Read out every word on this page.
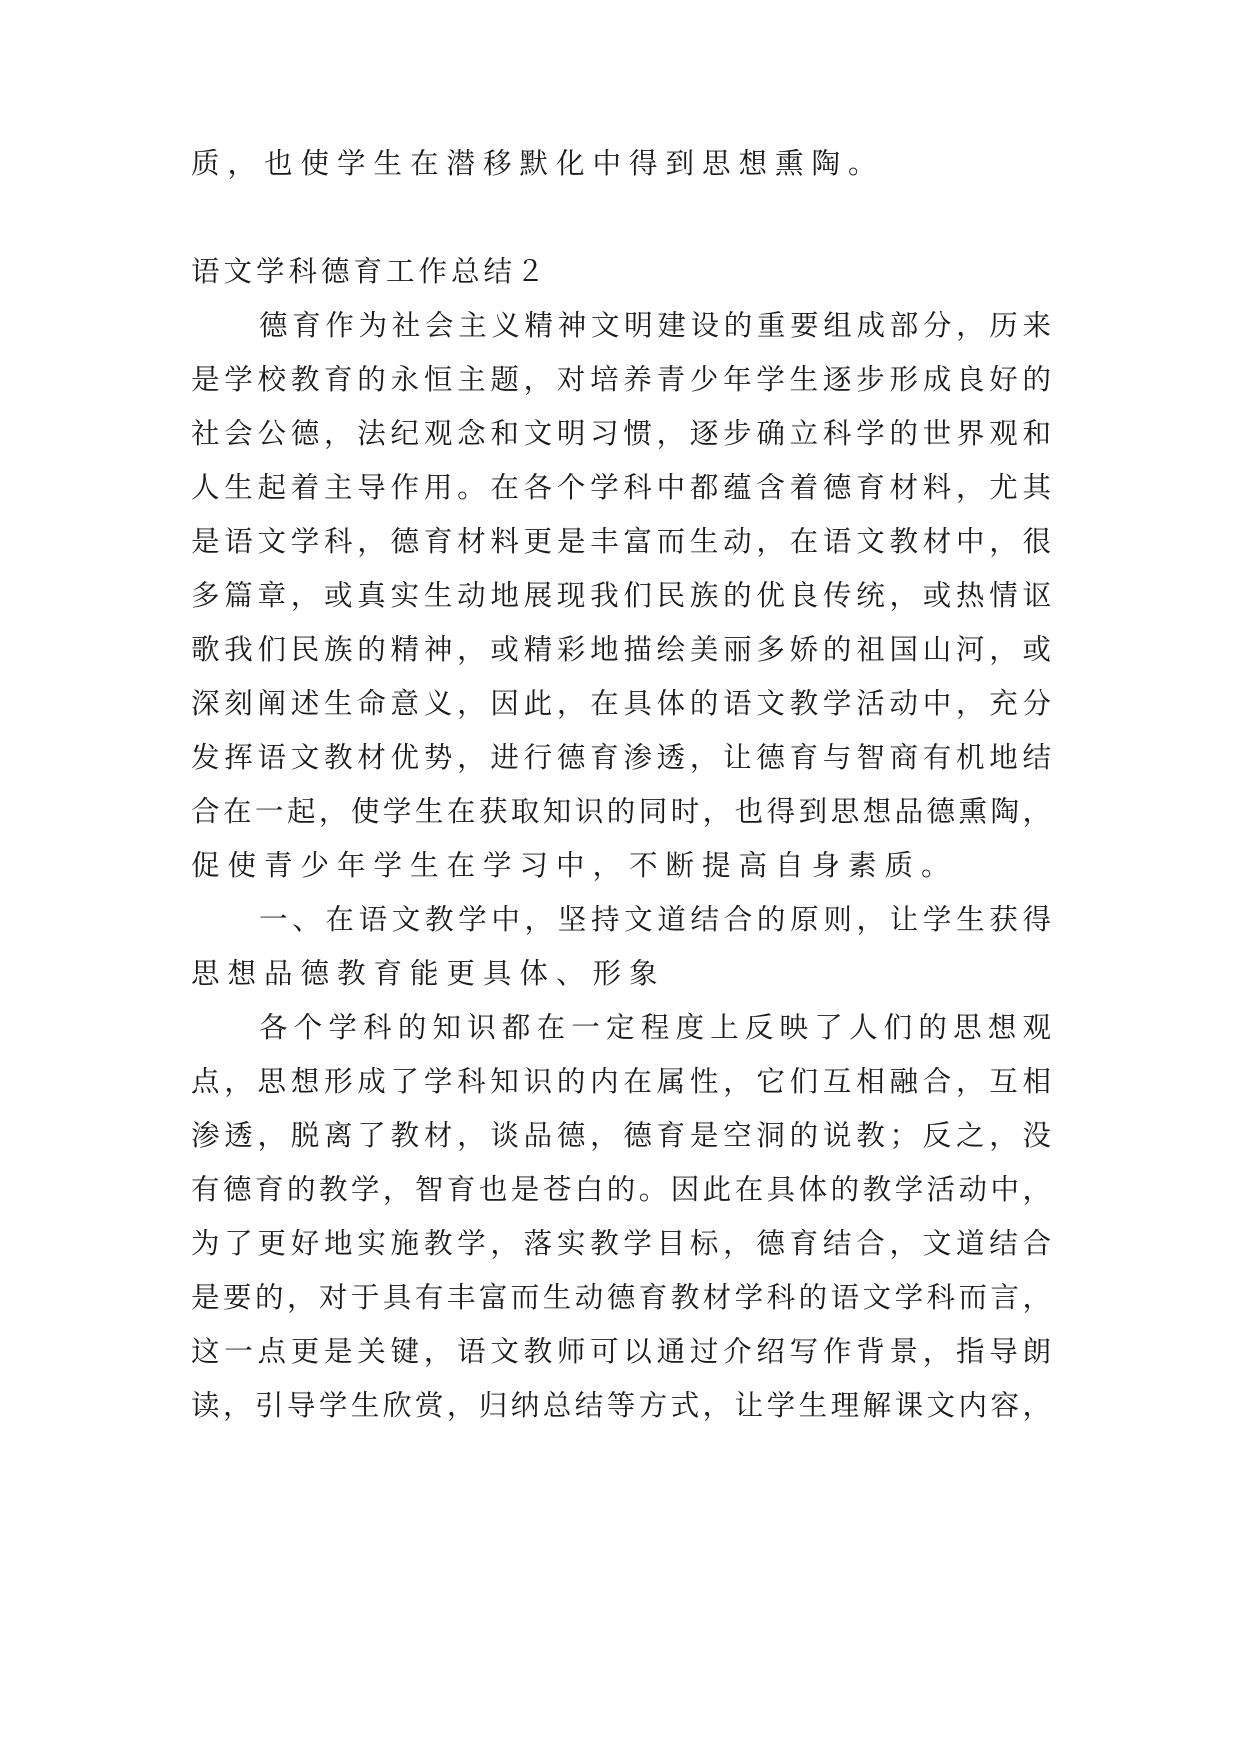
质，也使学生在潜移默化中得到思想熏陶。
语文学科德育工作总结２
德育作为社会主义精神文明建设的重要组成部分，历来
是学校教育的永恒主题，对培养青少年学生逐步形成良好的
社会公德，法纪观念和文明习惯，逐步确立科学的世界观和
人生起着主导作用。在各个学科中都蕴含着德育材料，尤其
是语文学科，德育材料更是丰富而生动，在语文教材中，很
多篇章，或真实生动地展现我们民族的优良传统，或热情讴
歌我们民族的精神，或精彩地描绘美丽多娇的祖国山河，或
深刻阐述生命意义，因此，在具体的语文教学活动中，充分
发挥语文教材优势，进行德育渗透，让德育与智商有机地结
合在一起，使学生在获取知识的同时，也得到思想品德熏陶，
促使青少年学生在学习中，不断提高自身素质。
一、在语文教学中，坚持文道结合的原则，让学生获得
思想品德教育能更具体、形象
各个学科的知识都在一定程度上反映了人们的思想观
点，思想形成了学科知识的内在属性，它们互相融合，互相
渗透，脱离了教材，谈品德，德育是空洞的说教；反之，没
有德育的教学，智育也是苍白的。因此在具体的教学活动中，
为了更好地实施教学，落实教学目标，德育结合，文道结合
是要的，对于具有丰富而生动德育教材学科的语文学科而言，
这一点更是关键，语文教师可以通过介绍写作背景，指导朗
读，引导学生欣赏，归纳总结等方式，让学生理解课文内容，
